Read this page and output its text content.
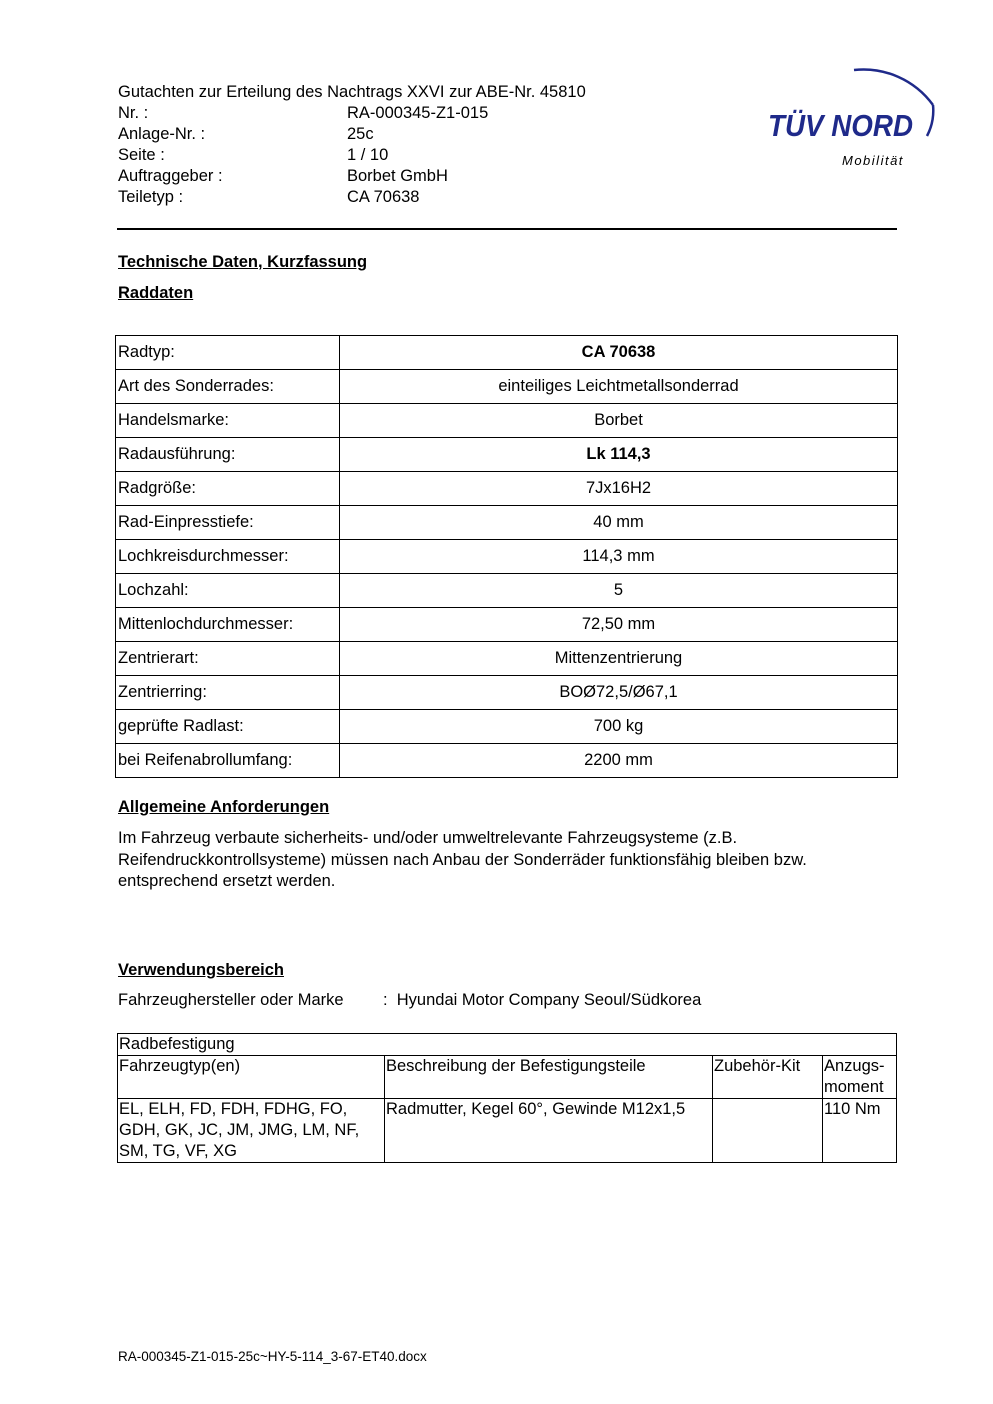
Gutachten zur Erteilung des Nachtrags XXVI zur ABE-Nr. 45810
Nr. :	RA-000345-Z1-015
Anlage-Nr. :	25c
Seite :	1 / 10
Auftraggeber :	Borbet GmbH
Teiletyp :	CA 70638
TÜV NORD
Mobilität
Technische Daten, Kurzfassung
Raddaten
Radtyp:	CA 70638
Art des Sonderrades:	einteiliges Leichtmetallsonderrad
Handelsmarke:	Borbet
Radausführung:	Lk 114,3
Radgröße:	7Jx16H2
Rad-Einpresstiefe:	40 mm
Lochkreisdurchmesser:	114,3 mm
Lochzahl:	5
Mittenlochdurchmesser:	72,50 mm
Zentrierart:	Mittenzentrierung
Zentrierring:	BOØ72,5/Ø67,1
geprüfte Radlast:	700 kg
bei Reifenabrollumfang:	2200 mm
Allgemeine Anforderungen
Im Fahrzeug verbaute sicherheits- und/oder umweltrelevante Fahrzeugsysteme (z.B. Reifendruckkontrollsysteme) müssen nach Anbau der Sonderräder funktionsfähig bleiben bzw. entsprechend ersetzt werden.
Verwendungsbereich
Fahrzeughersteller oder Marke : Hyundai Motor Company Seoul/Südkorea
Radbefestigung			
Fahrzeugtyp(en)	Beschreibung der Befestigungsteile	Zubehör-Kit	Anzugs-moment
EL, ELH, FD, FDH, FDHG, FO, GDH, GK, JC, JM, JMG, LM, NF, SM, TG, VF, XG	Radmutter, Kegel 60°, Gewinde M12x1,5		110 Nm
RA-000345-Z1-015-25c~HY-5-114_3-67-ET40.docx
